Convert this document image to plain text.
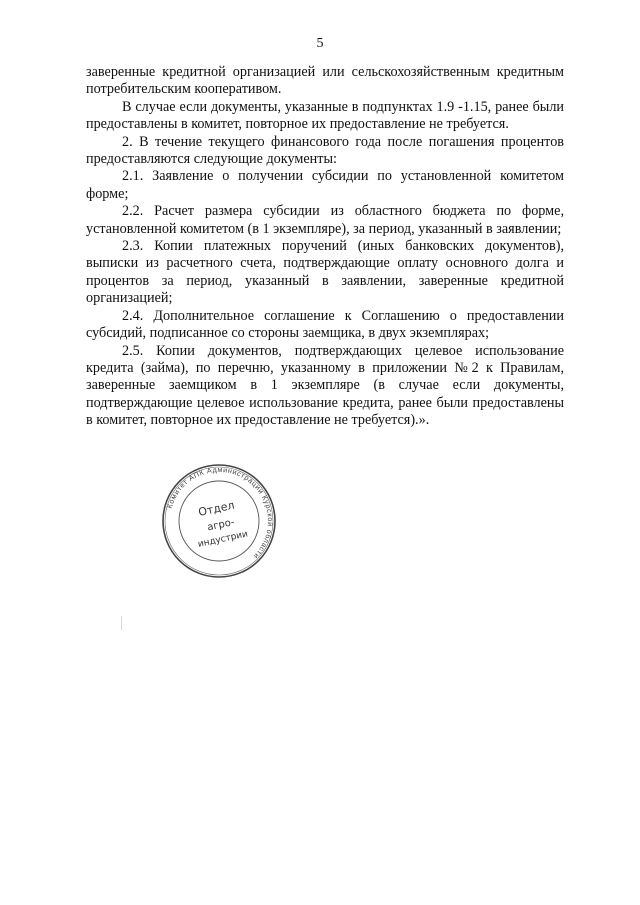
5

заверенные кредитной организацией или сельскохозяйственным кредитным потребительским кооперативом.

В случае если документы, указанные в подпунктах 1.9 -1.15, ранее были предоставлены в комитет, повторное их предоставление не требуется.

2. В течение текущего финансового года после погашения процентов предоставляются следующие документы:

2.1. Заявление о получении субсидии по установленной комитетом форме;

2.2. Расчет размера субсидии из областного бюджета по форме, установленной комитетом (в 1 экземпляре), за период, указанный в заявлении;

2.3. Копии платежных поручений (иных банковских документов), выписки из расчетного счета, подтверждающие оплату основного долга и процентов за период, указанный в заявлении, заверенные кредитной организацией;

2.4. Дополнительное соглашение к Соглашению о предоставлении субсидий, подписанное со стороны заемщика, в двух экземплярах;

2.5. Копии документов, подтверждающих целевое использование кредита (займа), по перечню, указанному в приложении №2 к Правилам, заверенные заемщиком в 1 экземпляре (в случае если документы, подтверждающие целевое использование кредита, ранее были предоставлены в комитет, повторное их предоставление не требуется).».

Комитет АПК Администрации Курской области
Отдел
агро-
индустрии
